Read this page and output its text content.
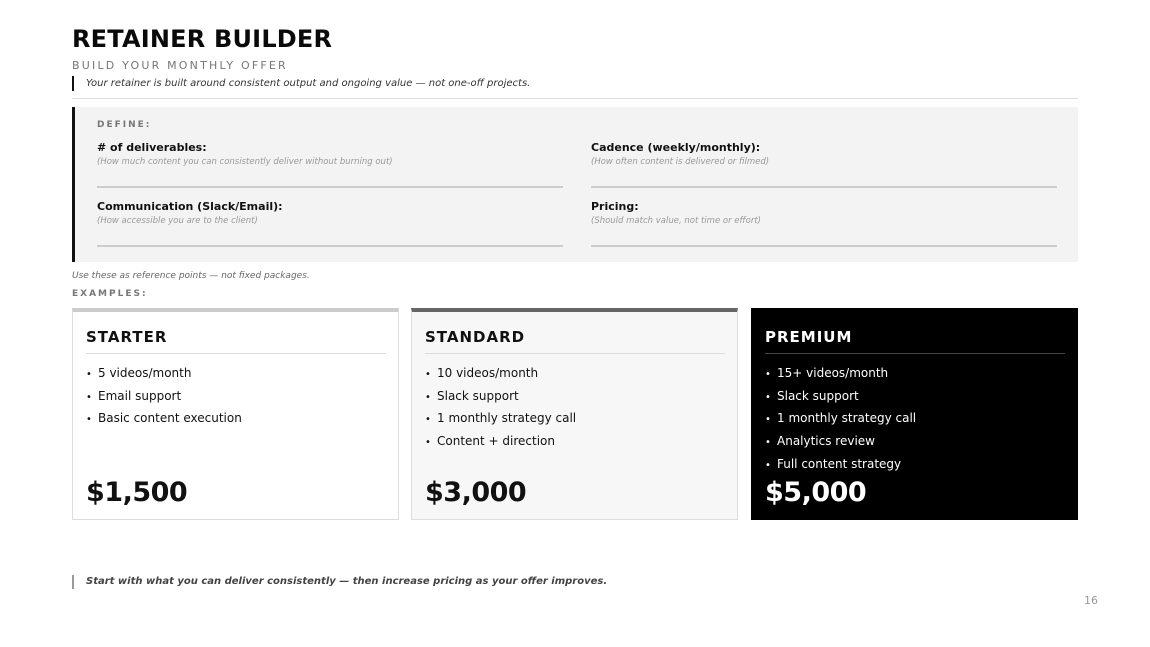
RETAINER BUILDER
BUILD YOUR MONTHLY OFFER
Your retainer is built around consistent output and ongoing value — not one-off projects.
DEFINE:
# of deliverables:
(How much content you can consistently deliver without burning out)
Cadence (weekly/monthly):
(How often content is delivered or filmed)
Communication (Slack/Email):
(How accessible you are to the client)
Pricing:
(Should match value, not time or effort)
Use these as reference points — not fixed packages.
EXAMPLES:
STARTER
• 5 videos/month
• Email support
• Basic content execution
$1,500
STANDARD
• 10 videos/month
• Slack support
• 1 monthly strategy call
• Content + direction
$3,000
PREMIUM
• 15+ videos/month
• Slack support
• 1 monthly strategy call
• Analytics review
• Full content strategy
$5,000
Start with what you can deliver consistently — then increase pricing as your offer improves.
16
